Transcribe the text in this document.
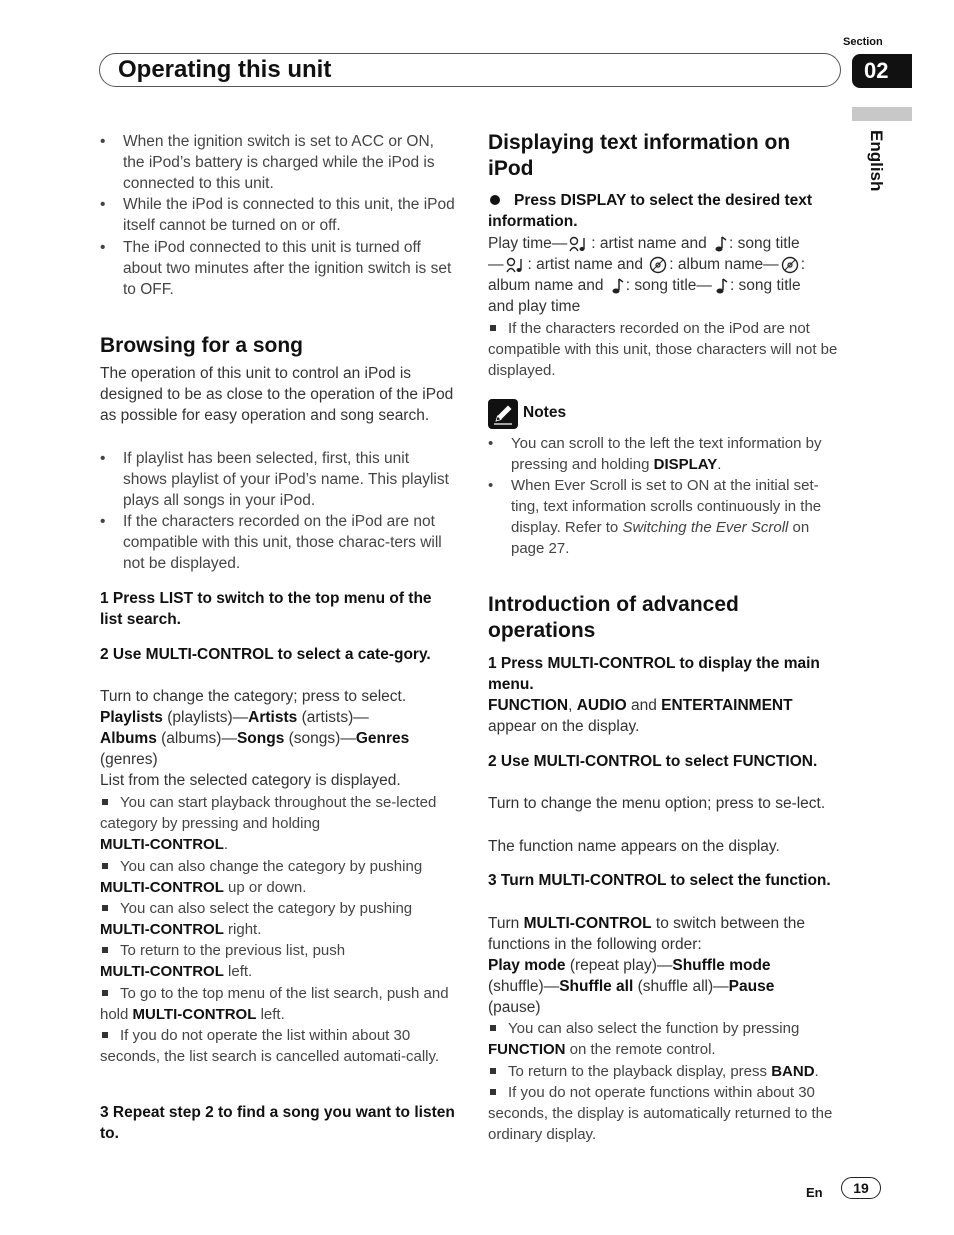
Section
Operating this unit	02
English
• When the ignition switch is set to ACC or ON, the iPod’s battery is charged while the iPod is connected to this unit.
• While the iPod is connected to this unit, the iPod itself cannot be turned on or off.
• The iPod connected to this unit is turned off about two minutes after the ignition switch is set to OFF.
Browsing for a song
The operation of this unit to control an iPod is designed to be as close to the operation of the iPod as possible for easy operation and song search.
• If playlist has been selected, first, this unit shows playlist of your iPod’s name. This playlist plays all songs in your iPod.
• If the characters recorded on the iPod are not compatible with this unit, those charac-ters will not be displayed.
1 Press LIST to switch to the top menu of the list search.
2 Use MULTI-CONTROL to select a cate-gory.
Turn to change the category; press to select.
Playlists (playlists)—Artists (artists)—
Albums (albums)—Songs (songs)—Genres
(genres)
List from the selected category is displayed.
You can start playback throughout the se-lected category by pressing and holding
MULTI-CONTROL.
You can also change the category by pushing
MULTI-CONTROL up or down.
You can also select the category by pushing
MULTI-CONTROL right.
To return to the previous list, push
MULTI-CONTROL left.
To go to the top menu of the list search, push and hold MULTI-CONTROL left.
If you do not operate the list within about 30 seconds, the list search is cancelled automati-cally.
3 Repeat step 2 to find a song you want to listen to.
Displaying text information on iPod
Press DISPLAY to select the desired text information.
Play time— : artist name and : song title
— : artist name and : album name— :
album name and : song title— : song title
and play time
If the characters recorded on the iPod are not compatible with this unit, those characters will not be displayed.
Notes
• You can scroll to the left the text information by pressing and holding DISPLAY.
• When Ever Scroll is set to ON at the initial set-ting, text information scrolls continuously in the display. Refer to Switching the Ever Scroll on page 27.
Introduction of advanced operations
1 Press MULTI-CONTROL to display the main menu.
FUNCTION, AUDIO and ENTERTAINMENT
appear on the display.
2 Use MULTI-CONTROL to select FUNCTION.
Turn to change the menu option; press to se-lect.
The function name appears on the display.
3 Turn MULTI-CONTROL to select the function.
Turn MULTI-CONTROL to switch between the functions in the following order:
Play mode (repeat play)—Shuffle mode
(shuffle)—Shuffle all (shuffle all)—Pause
(pause)
You can also select the function by pressing
FUNCTION on the remote control.
To return to the playback display, press BAND.
If you do not operate functions within about 30 seconds, the display is automatically returned to the ordinary display.
En	19
